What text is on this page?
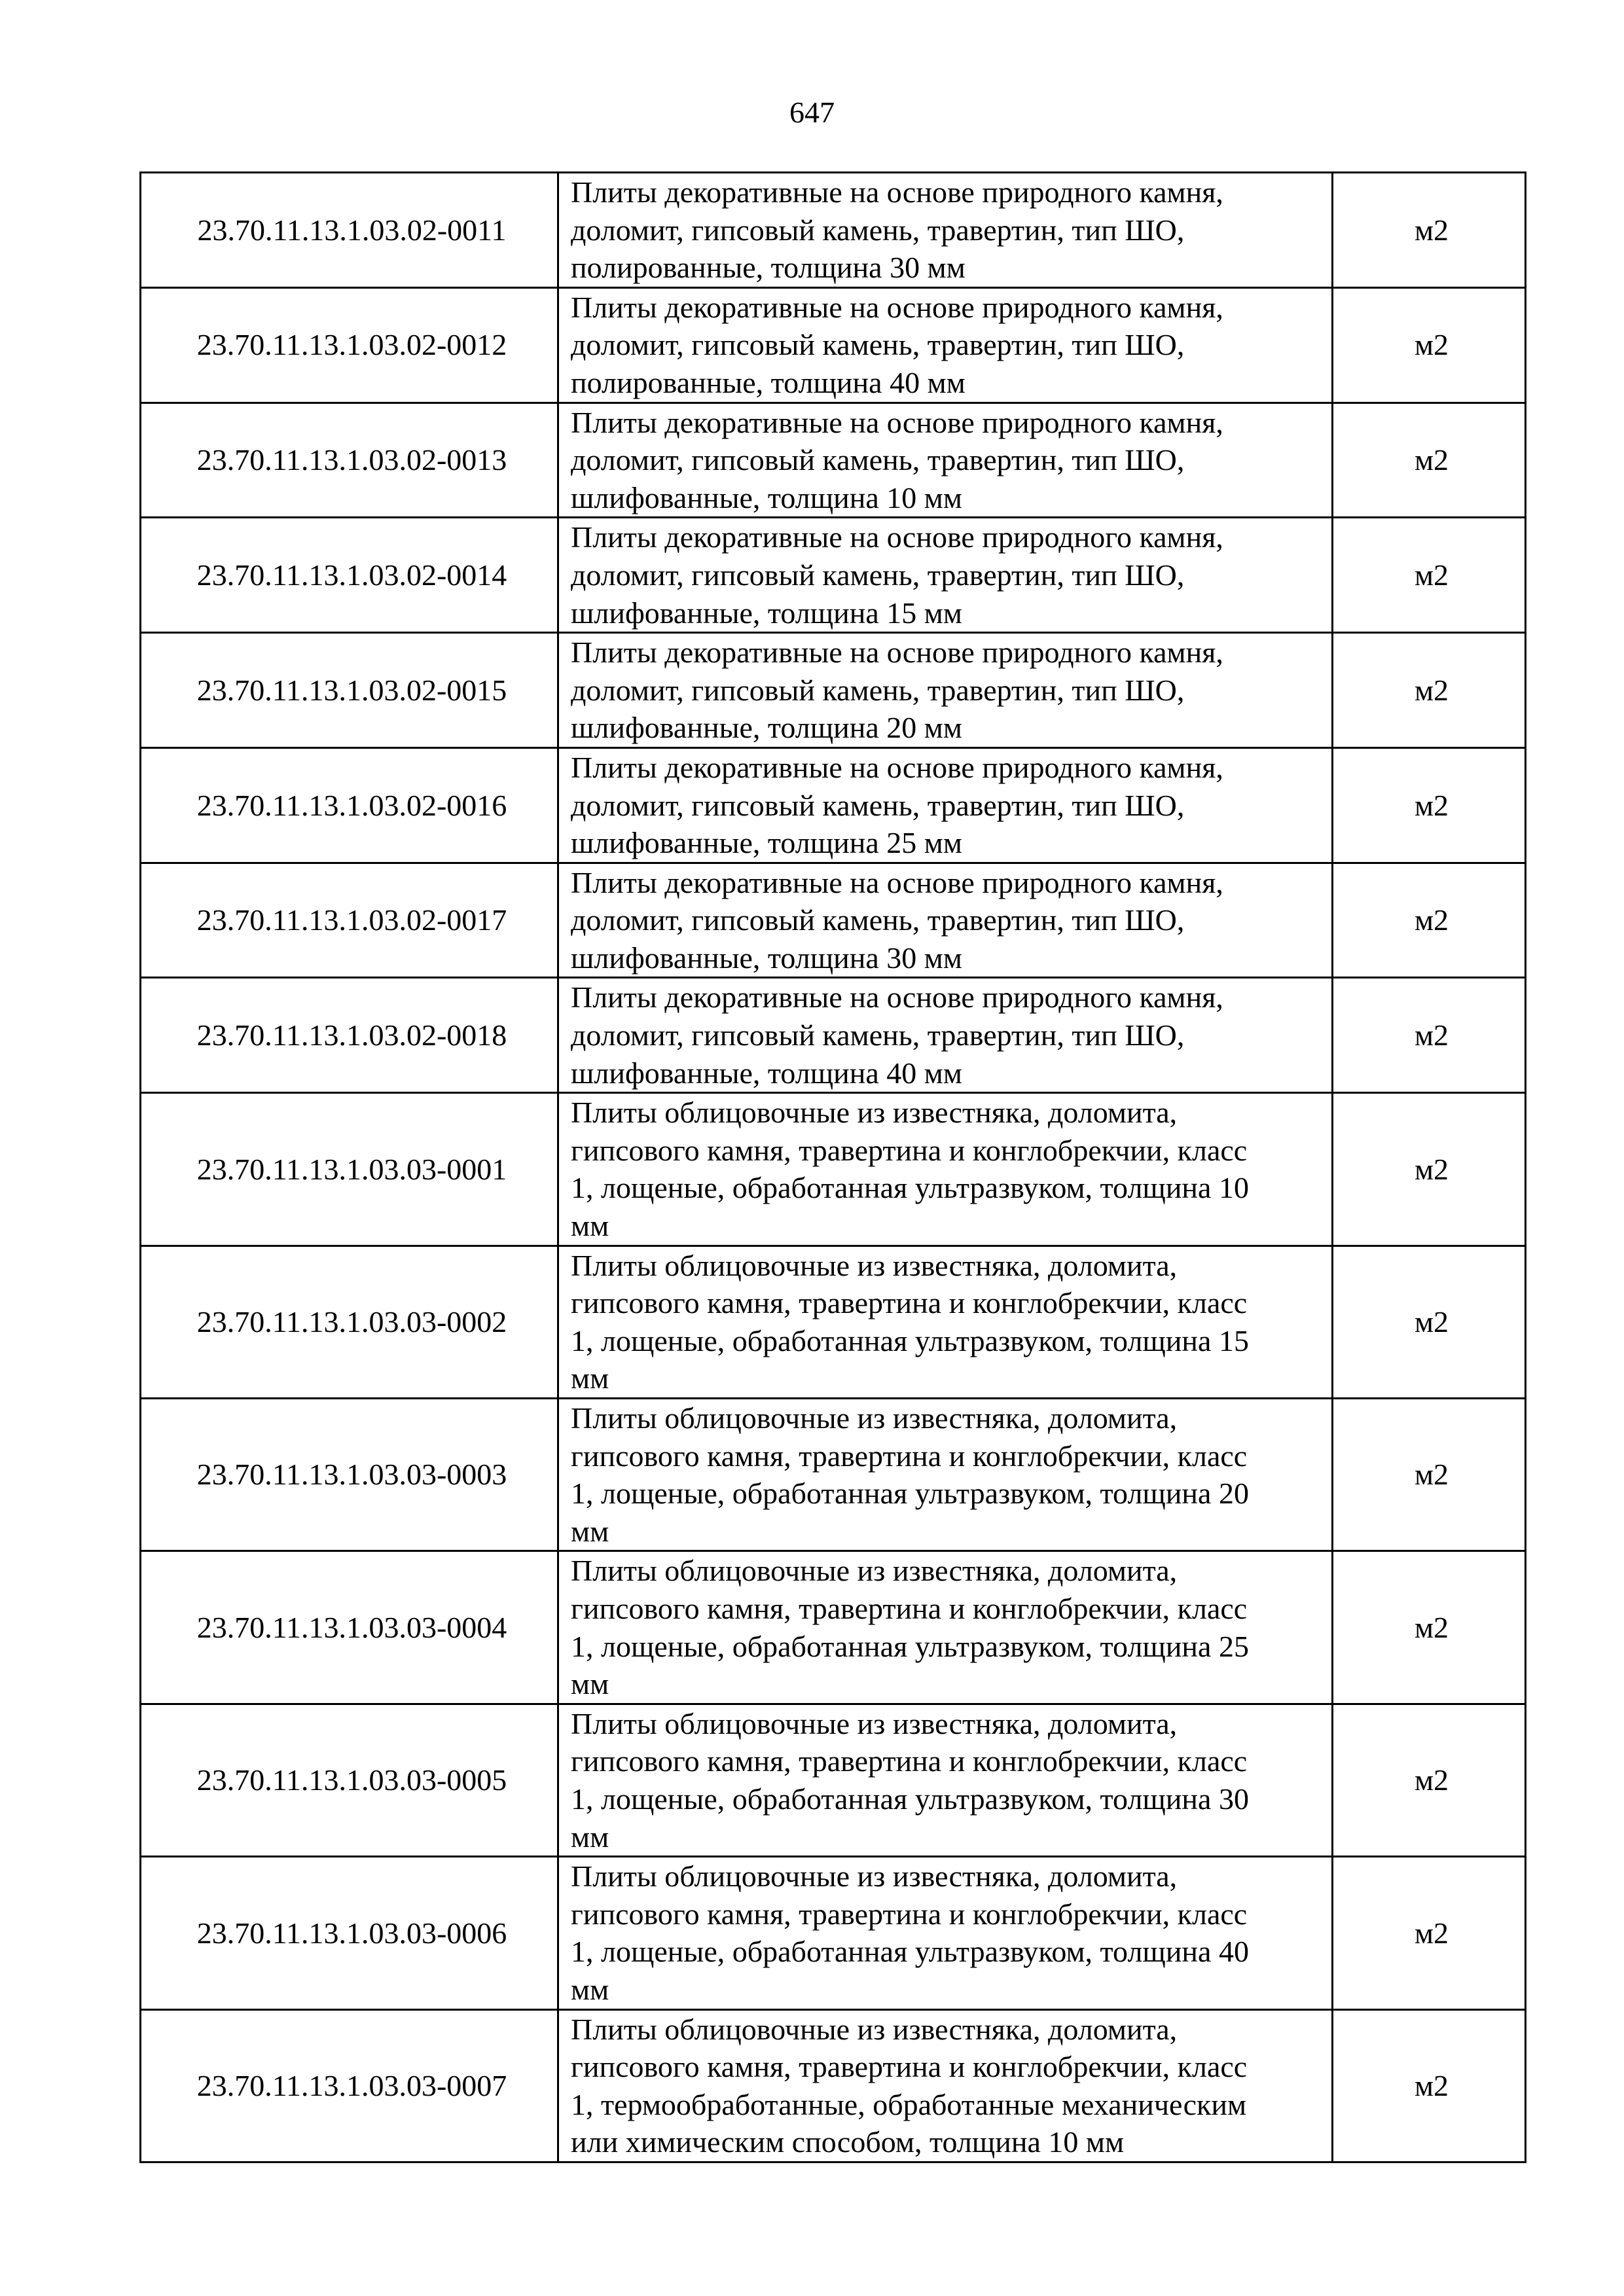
647
23.70.11.13.1.03.02-0011	Плиты декоративные на основе природного камня,
доломит, гипсовый камень, травертин, тип ШО,
полированные, толщина 30 мм	м2
23.70.11.13.1.03.02-0012	Плиты декоративные на основе природного камня,
доломит, гипсовый камень, травертин, тип ШО,
полированные, толщина 40 мм	м2
23.70.11.13.1.03.02-0013	Плиты декоративные на основе природного камня,
доломит, гипсовый камень, травертин, тип ШО,
шлифованные, толщина 10 мм	м2
23.70.11.13.1.03.02-0014	Плиты декоративные на основе природного камня,
доломит, гипсовый камень, травертин, тип ШО,
шлифованные, толщина 15 мм	м2
23.70.11.13.1.03.02-0015	Плиты декоративные на основе природного камня,
доломит, гипсовый камень, травертин, тип ШО,
шлифованные, толщина 20 мм	м2
23.70.11.13.1.03.02-0016	Плиты декоративные на основе природного камня,
доломит, гипсовый камень, травертин, тип ШО,
шлифованные, толщина 25 мм	м2
23.70.11.13.1.03.02-0017	Плиты декоративные на основе природного камня,
доломит, гипсовый камень, травертин, тип ШО,
шлифованные, толщина 30 мм	м2
23.70.11.13.1.03.02-0018	Плиты декоративные на основе природного камня,
доломит, гипсовый камень, травертин, тип ШО,
шлифованные, толщина 40 мм	м2
23.70.11.13.1.03.03-0001	Плиты облицовочные из известняка, доломита,
гипсового камня, травертина и конглобрекчии, класс
1, лощеные, обработанная ультразвуком, толщина 10
мм	м2
23.70.11.13.1.03.03-0002	Плиты облицовочные из известняка, доломита,
гипсового камня, травертина и конглобрекчии, класс
1, лощеные, обработанная ультразвуком, толщина 15
мм	м2
23.70.11.13.1.03.03-0003	Плиты облицовочные из известняка, доломита,
гипсового камня, травертина и конглобрекчии, класс
1, лощеные, обработанная ультразвуком, толщина 20
мм	м2
23.70.11.13.1.03.03-0004	Плиты облицовочные из известняка, доломита,
гипсового камня, травертина и конглобрекчии, класс
1, лощеные, обработанная ультразвуком, толщина 25
мм	м2
23.70.11.13.1.03.03-0005	Плиты облицовочные из известняка, доломита,
гипсового камня, травертина и конглобрекчии, класс
1, лощеные, обработанная ультразвуком, толщина 30
мм	м2
23.70.11.13.1.03.03-0006	Плиты облицовочные из известняка, доломита,
гипсового камня, травертина и конглобрекчии, класс
1, лощеные, обработанная ультразвуком, толщина 40
мм	м2
23.70.11.13.1.03.03-0007	Плиты облицовочные из известняка, доломита,
гипсового камня, травертина и конглобрекчии, класс
1, термообработанные, обработанные механическим
или химическим способом, толщина 10 мм	м2
